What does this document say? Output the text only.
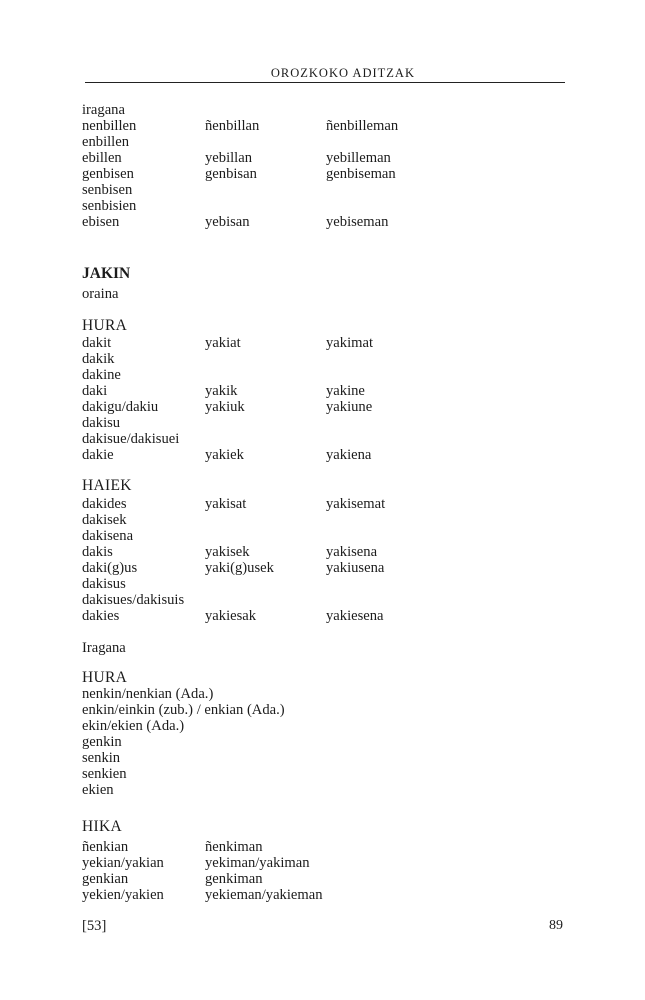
OROZKOKO ADITZAK
iragana
nenbillen	ñenbillan	ñenbilleman
enbillen
ebillen	yebillan	yebilleman
genbisen	genbisan	genbiseman
senbisen
senbisien
ebisen	yebisan	yebiseman
JAKIN
oraina
HURA
dakit	yakiat	yakimat
dakik
dakine
daki	yakik	yakine
dakigu/dakiu	yakiuk	yakiune
dakisu
dakisue/dakisuei
dakie	yakiek	yakiena
HAIEK
dakides	yakisat	yakisemat
dakisek
dakisena
dakis	yakisek	yakisena
daki(g)us	yaki(g)usek	yakiusena
dakisus
dakisues/dakisuis
dakies	yakiesak	yakiesena
Iragana
HURA
nenkin/nenkian (Ada.)
enkin/einkin (zub.) / enkian (Ada.)
ekin/ekien (Ada.)
genkin
senkin
senkien
ekien
HIKA
ñenkian	ñenkiman
yekian/yakian	yekiman/yakiman
genkian	genkiman
yekien/yakien	yekieman/yakieman
[53]	89
